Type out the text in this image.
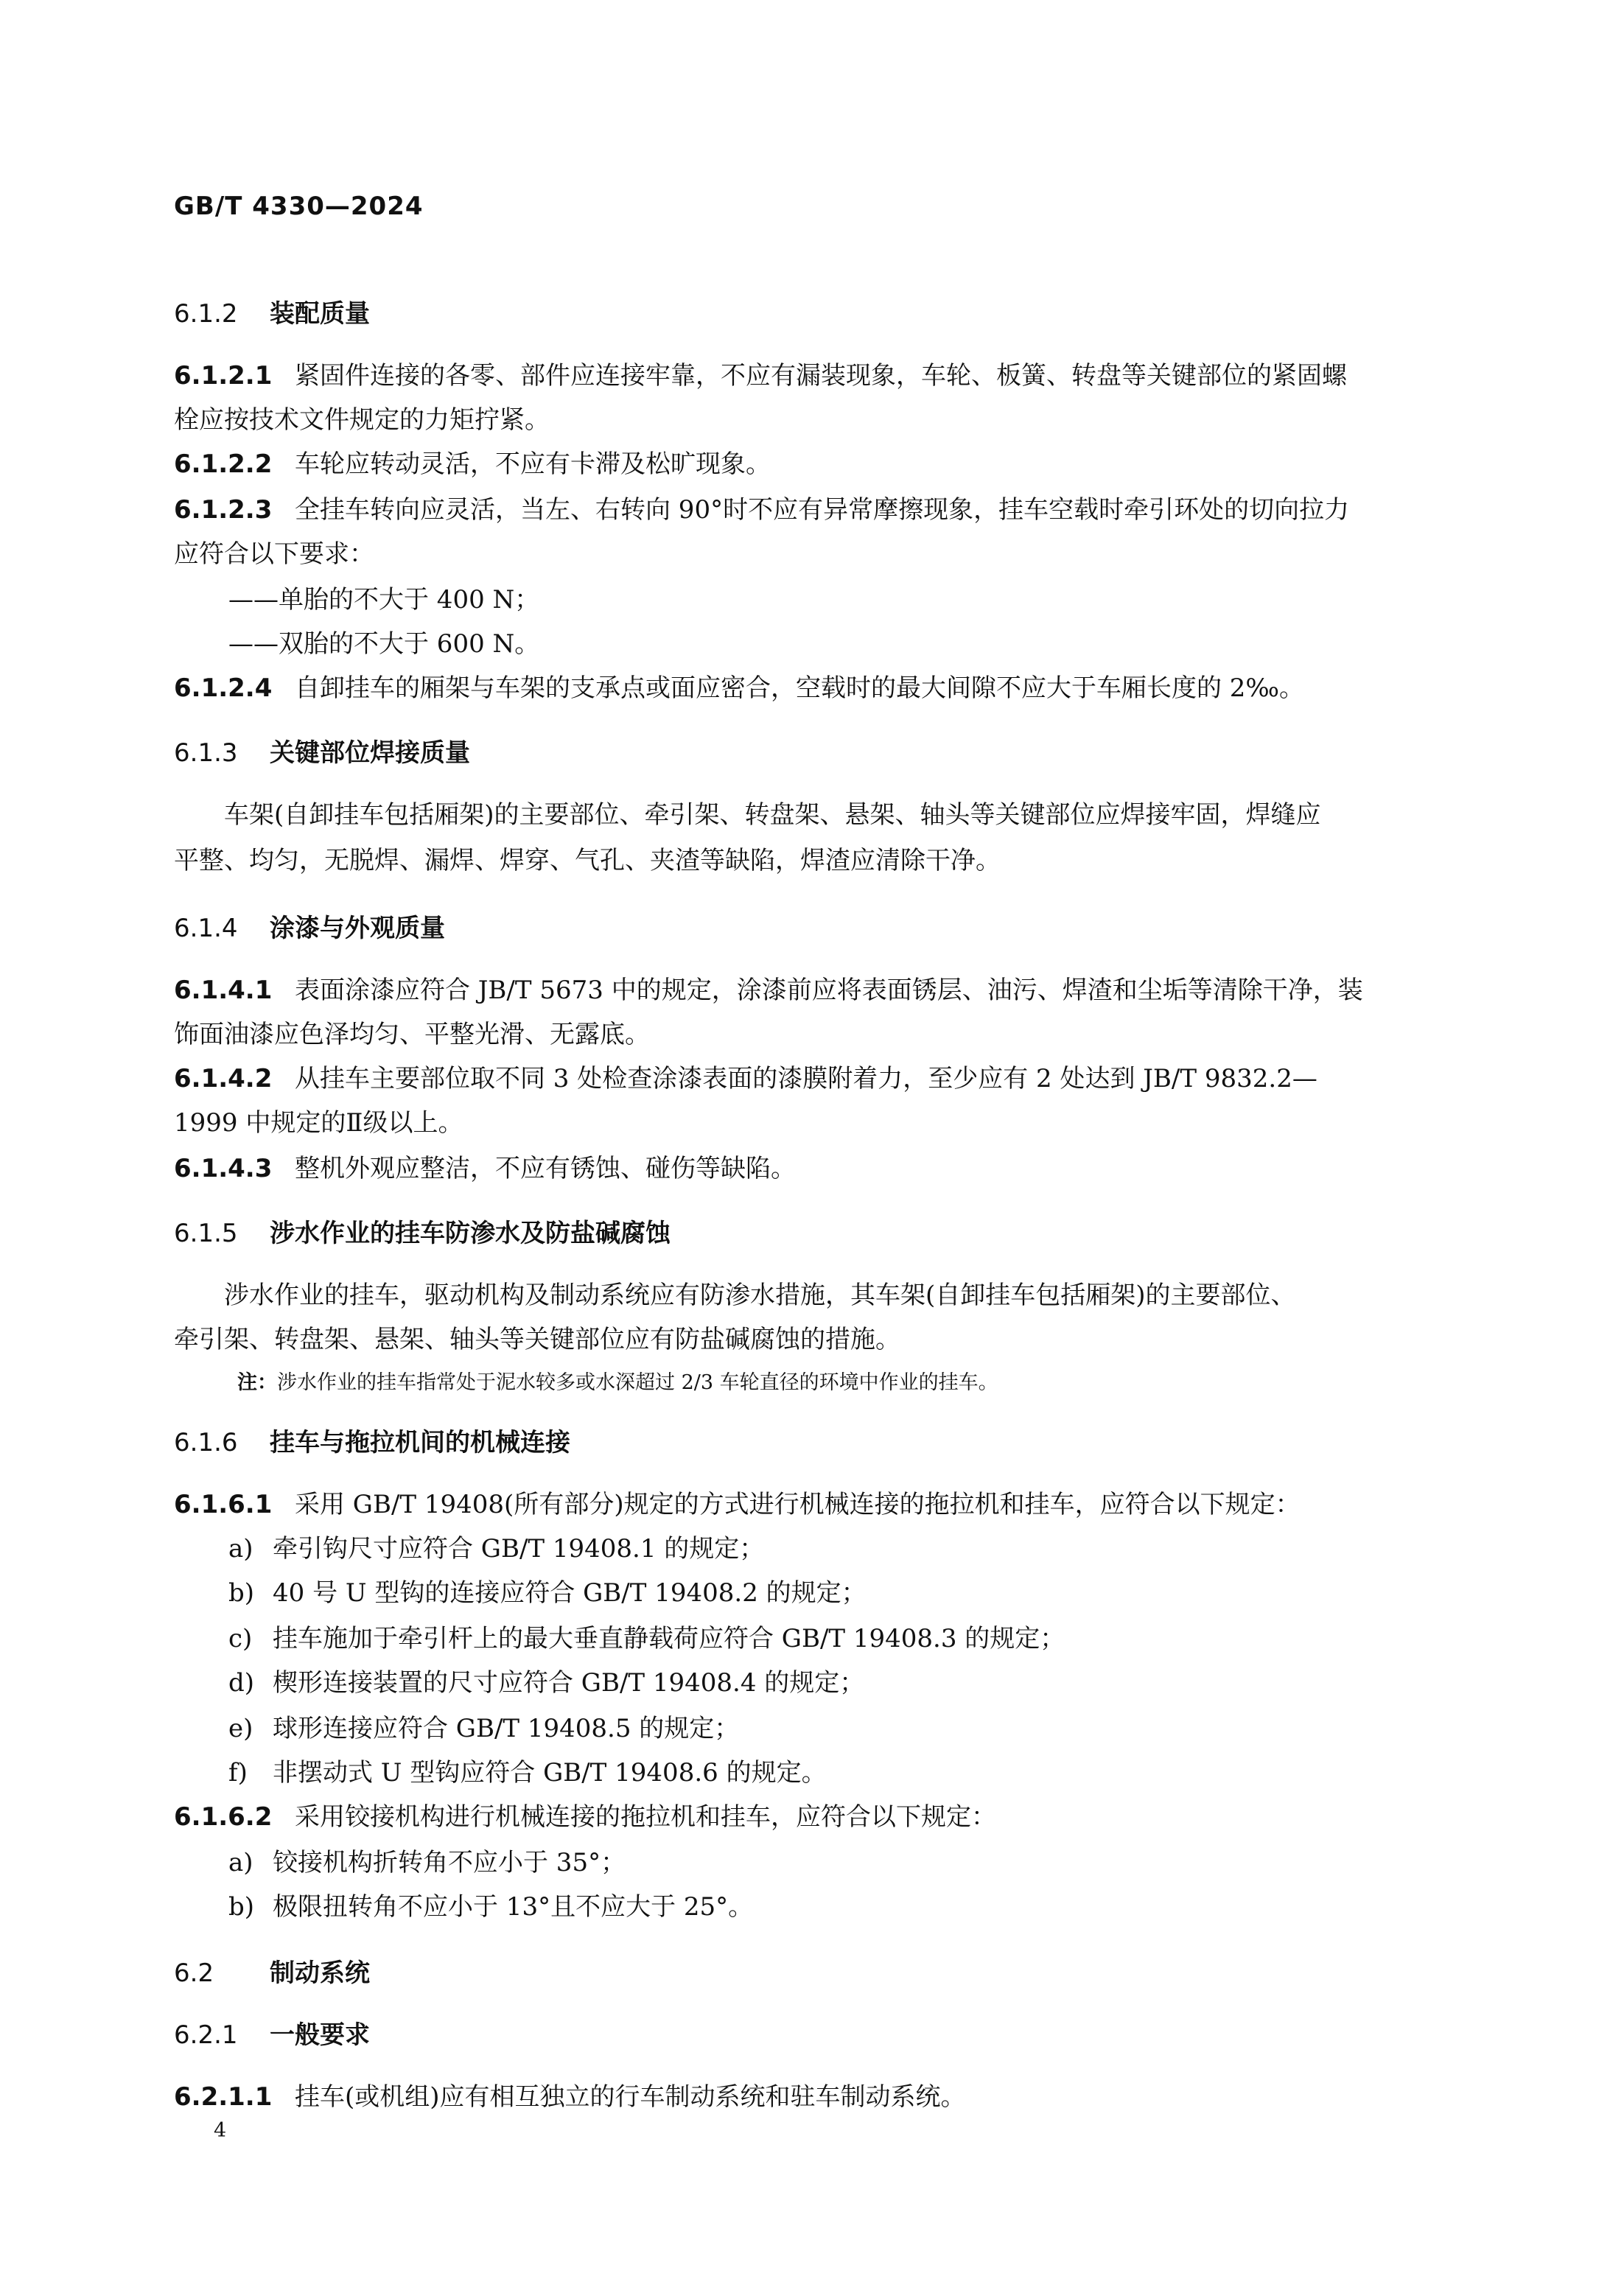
GB/T 4330—2024
6.1.2 装配质量
6.1.2.1 紧固件连接的各零、部件应连接牢靠，不应有漏装现象，车轮、板簧、转盘等关键部位的紧固螺
栓应按技术文件规定的力矩拧紧。
6.1.2.2 车轮应转动灵活，不应有卡滞及松旷现象。
6.1.2.3 全挂车转向应灵活，当左、右转向 90°时不应有异常摩擦现象，挂车空载时牵引环处的切向拉力
应符合以下要求：
——单胎的不大于 400 N；
——双胎的不大于 600 N。
6.1.2.4 自卸挂车的厢架与车架的支承点或面应密合，空载时的最大间隙不应大于车厢长度的 2‰。
6.1.3 关键部位焊接质量
车架(自卸挂车包括厢架)的主要部位、牵引架、转盘架、悬架、轴头等关键部位应焊接牢固，焊缝应
平整、均匀，无脱焊、漏焊、焊穿、气孔、夹渣等缺陷，焊渣应清除干净。
6.1.4 涂漆与外观质量
6.1.4.1 表面涂漆应符合 JB/T 5673 中的规定，涂漆前应将表面锈层、油污、焊渣和尘垢等清除干净，装
饰面油漆应色泽均匀、平整光滑、无露底。
6.1.4.2 从挂车主要部位取不同 3 处检查涂漆表面的漆膜附着力，至少应有 2 处达到 JB/T 9832.2—
1999 中规定的Ⅱ级以上。
6.1.4.3 整机外观应整洁，不应有锈蚀、碰伤等缺陷。
6.1.5 涉水作业的挂车防渗水及防盐碱腐蚀
涉水作业的挂车，驱动机构及制动系统应有防渗水措施，其车架(自卸挂车包括厢架)的主要部位、
牵引架、转盘架、悬架、轴头等关键部位应有防盐碱腐蚀的措施。
注：涉水作业的挂车指常处于泥水较多或水深超过 2/3 车轮直径的环境中作业的挂车。
6.1.6 挂车与拖拉机间的机械连接
6.1.6.1 采用 GB/T 19408(所有部分)规定的方式进行机械连接的拖拉机和挂车，应符合以下规定：
a) 牵引钩尺寸应符合 GB/T 19408.1 的规定；
b) 40 号 U 型钩的连接应符合 GB/T 19408.2 的规定；
c) 挂车施加于牵引杆上的最大垂直静载荷应符合 GB/T 19408.3 的规定；
d) 楔形连接装置的尺寸应符合 GB/T 19408.4 的规定；
e) 球形连接应符合 GB/T 19408.5 的规定；
f) 非摆动式 U 型钩应符合 GB/T 19408.6 的规定。
6.1.6.2 采用铰接机构进行机械连接的拖拉机和挂车，应符合以下规定：
a) 铰接机构折转角不应小于 35°；
b) 极限扭转角不应小于 13°且不应大于 25°。
6.2 制动系统
6.2.1 一般要求
6.2.1.1 挂车(或机组)应有相互独立的行车制动系统和驻车制动系统。
4
